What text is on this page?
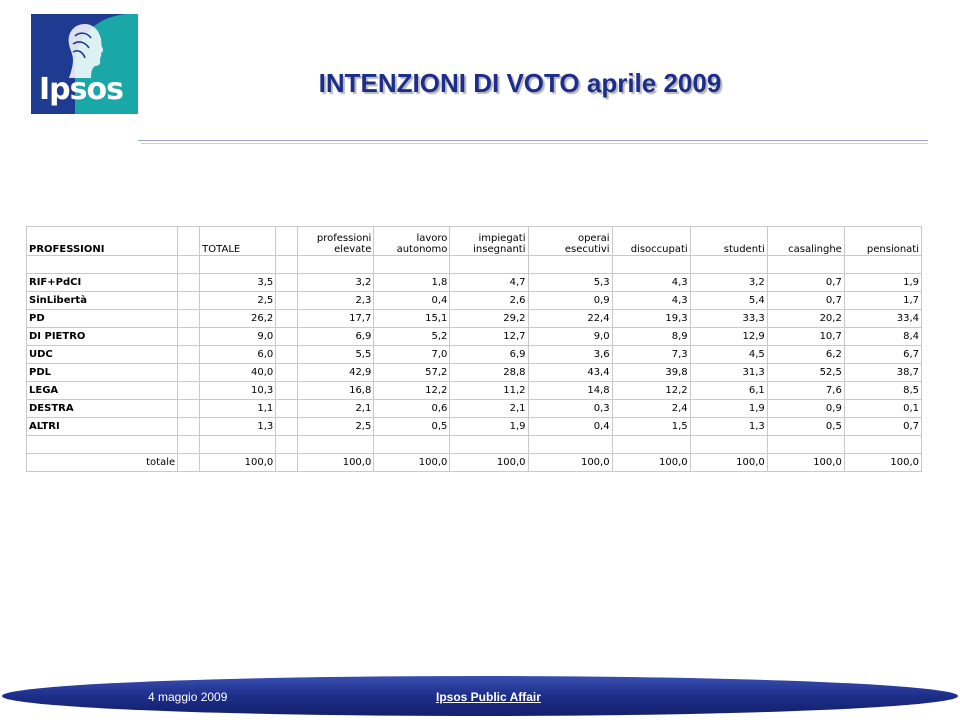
Ipsos	INTENZIONI DI VOTO aprile 2009
PROFESSIONI		TOTALE		professioni elevate	lavoro autonomo	impiegati insegnanti	operai esecutivi	disoccupati	studenti	casalinghe	pensionati

RIF+PdCI		3,5		3,2	1,8	4,7	5,3	4,3	3,2	0,7	1,9
SinLibertà		2,5		2,3	0,4	2,6	0,9	4,3	5,4	0,7	1,7
PD		26,2		17,7	15,1	29,2	22,4	19,3	33,3	20,2	33,4
DI PIETRO		9,0		6,9	5,2	12,7	9,0	8,9	12,9	10,7	8,4
UDC		6,0		5,5	7,0	6,9	3,6	7,3	4,5	6,2	6,7
PDL		40,0		42,9	57,2	28,8	43,4	39,8	31,3	52,5	38,7
LEGA		10,3		16,8	12,2	11,2	14,8	12,2	6,1	7,6	8,5
DESTRA		1,1		2,1	0,6	2,1	0,3	2,4	1,9	0,9	0,1
ALTRI		1,3		2,5	0,5	1,9	0,4	1,5	1,3	0,5	0,7

totale		100,0		100,0	100,0	100,0	100,0	100,0	100,0	100,0	100,0
4 maggio 2009	Ipsos Public Affair
